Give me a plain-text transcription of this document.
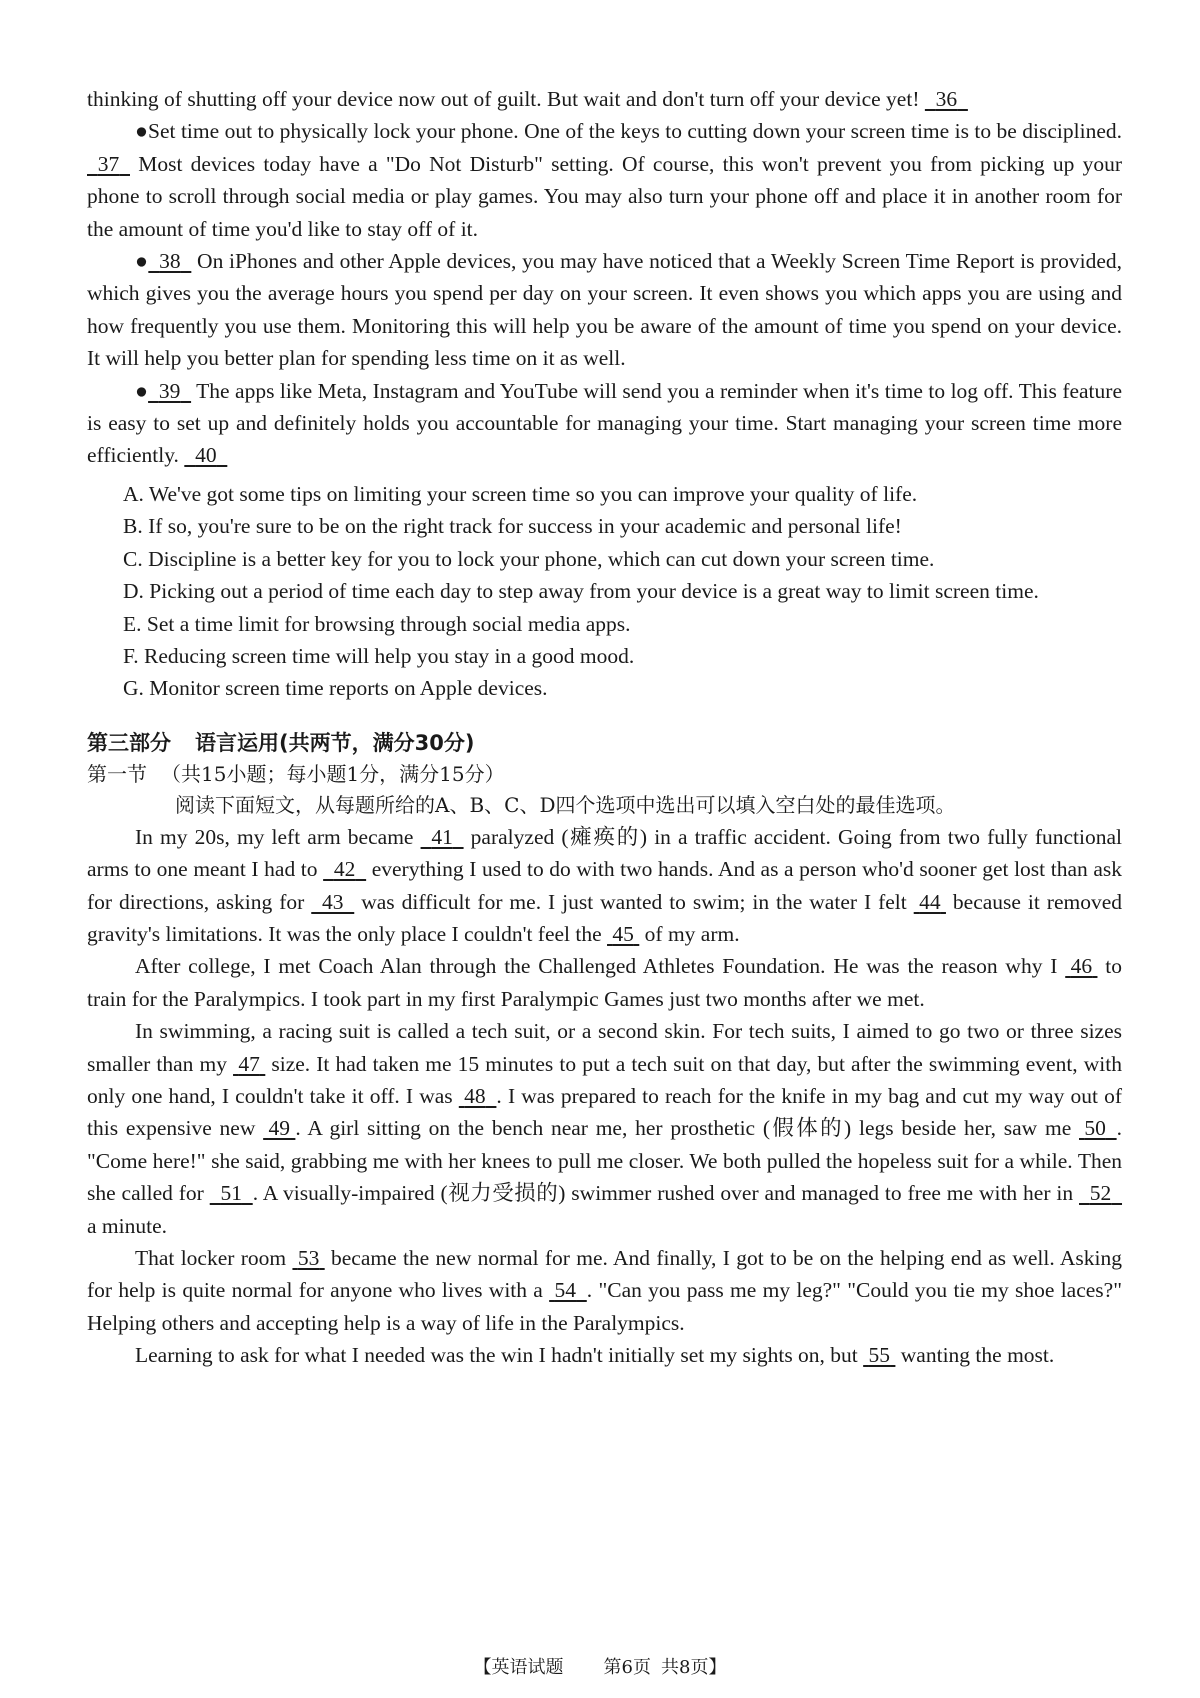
thinking of shutting off your device now out of guilt. But wait and don't turn off your device yet!   36

●Set time out to physically lock your phone. One of the keys to cutting down your screen time is to be disciplined.   37   Most devices today have a "Do Not Disturb" setting. Of course, this won't prevent you from picking up your phone to scroll through social media or play games. You may also turn your phone off and place it in another room for the amount of time you'd like to stay off of it.

● 38   On iPhones and other Apple devices, you may have noticed that a Weekly Screen Time Report is provided, which gives you the average hours you spend per day on your screen. It even shows you which apps you are using and how frequently you use them. Monitoring this will help you be aware of the amount of time you spend on your device. It will help you better plan for spending less time on it as well.

● 39   The apps like Meta, Instagram and YouTube will send you a reminder when it's time to log off. This feature is easy to set up and definitely holds you accountable for managing your time. Start managing your screen time more efficiently.   40

A. We've got some tips on limiting your screen time so you can improve your quality of life.

B. If so, you're sure to be on the right track for success in your academic and personal life!

C. Discipline is a better key for you to lock your phone, which can cut down your screen time.

D. Picking out a period of time each day to step away from your device is a great way to limit screen time.

E. Set a time limit for browsing through social media apps.

F. Reducing screen time will help you stay in a good mood.

G. Monitor screen time reports on Apple devices.

第三部分 语言运用(共两节，满分30分)
第一节 （共15小题；每小题1分，满分15分）
阅读下面短文，从每题所给的A、B、C、D四个选项中选出可以填入空白处的最佳选项。

In my 20s, my left arm became   41   paralyzed (瘫痪的) in a traffic accident. Going from two fully functional arms to one meant I had to   42   everything I used to do with two hands. And as a person who'd sooner get lost than ask for directions, asking for   43   was difficult for me. I just wanted to swim; in the water I felt  44  because it removed gravity's limitations. It was the only place I couldn't feel the  45  of my arm.

After college, I met Coach Alan through the Challenged Athletes Foundation. He was the reason why I  46  to train for the Paralympics. I took part in my first Paralympic Games just two months after we met.

In swimming, a racing suit is called a tech suit, or a second skin. For tech suits, I aimed to go two or three sizes smaller than my  47  size. It had taken me 15 minutes to put a tech suit on that day, but after the swimming event, with only one hand, I couldn't take it off. I was  48 . I was prepared to reach for the knife in my bag and cut my way out of this expensive new  49 . A girl sitting on the bench near me, her prosthetic (假体的) legs beside her, saw me  50 . "Come here!" she said, grabbing me with her knees to pull me closer. We both pulled the hopeless suit for a while. Then she called for   51 . A visually-impaired (视力受损的) swimmer rushed over and managed to free me with her in   52   a minute.

That locker room  53  became the new normal for me. And finally, I got to be on the helping end as well. Asking for help is quite normal for anyone who lives with a  54 . "Can you pass me my leg?" "Could you tie my shoe laces?" Helping others and accepting help is a way of life in the Paralympics.

Learning to ask for what I needed was the win I hadn't initially set my sights on, but  55  wanting the most.

【英语试题 第6页 共8页】
